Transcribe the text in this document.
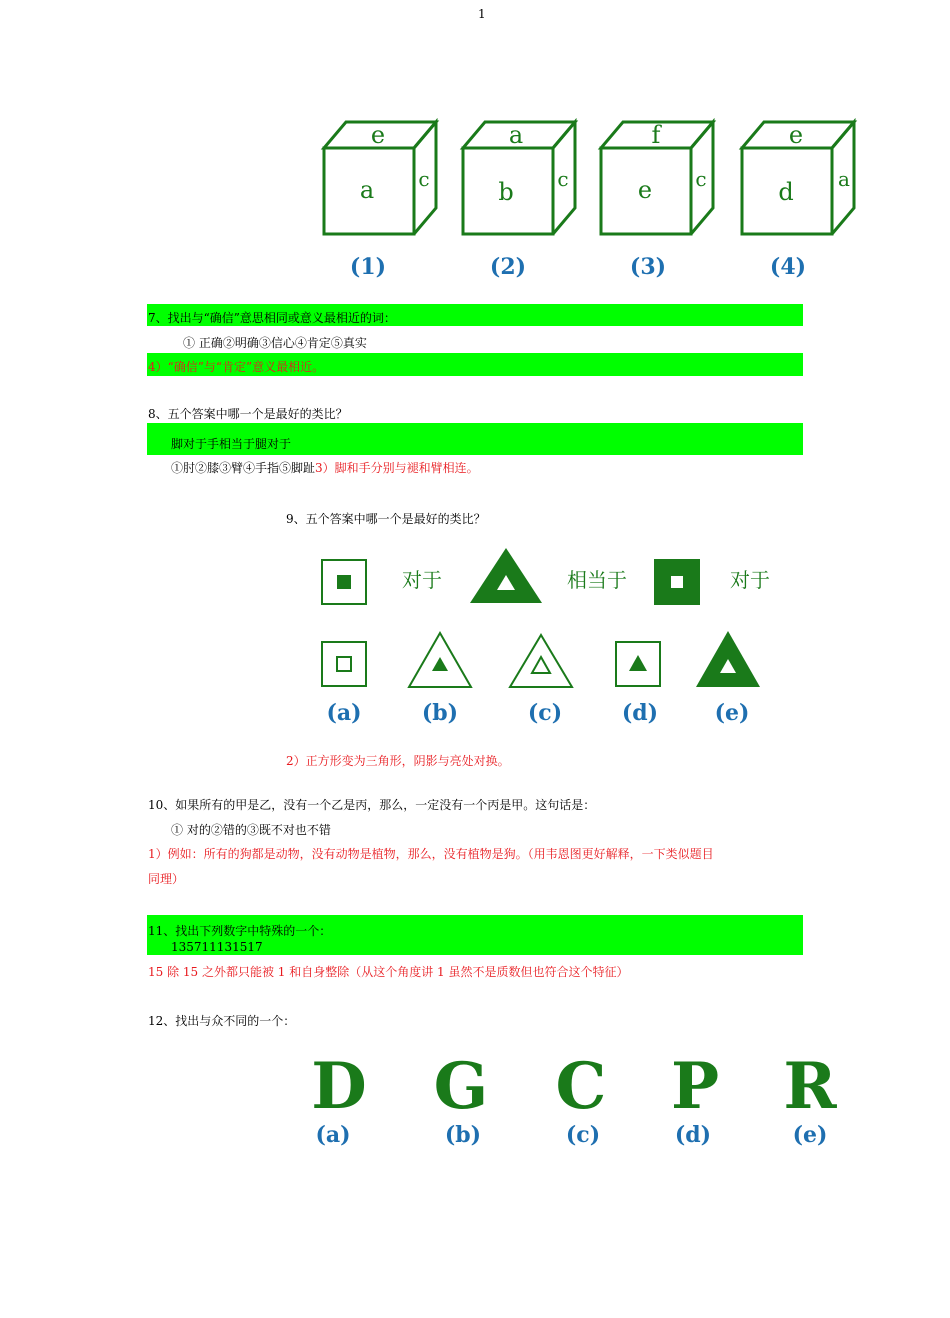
1
e
a c
a
b c
f
e c
e
d a
(1)	(2)	(3)	(4)
7、找出与“确信”意思相同或意义最相近的词：
① 正确②明确③信心④肯定⑤真实
4）“确信”与“肯定”意义最相近。
8、五个答案中哪一个是最好的类比？
脚对于手相当于腿对于
①肘②膝③臂④手指⑤脚趾3）脚和手分别与褪和臂相连。
9、五个答案中哪一个是最好的类比？
对于	相当于	对于
(a)	(b)	(c)	(d)	(e)
2）正方形变为三角形，阴影与亮处对换。
10、如果所有的甲是乙，没有一个乙是丙，那么，一定没有一个丙是甲。这句话是：
① 对的②错的③既不对也不错
1）例如：所有的狗都是动物，没有动物是植物，那么，没有植物是狗。（用韦恩图更好解释，一下类似题目
同理）
11、找出下列数字中特殊的一个：
135711131517
15 除 15 之外都只能被 1 和自身整除（从这个角度讲 1 虽然不是质数但也符合这个特征）
12、找出与众不同的一个：
D G C P R
(a)	(b)	(c)	(d)	(e)
